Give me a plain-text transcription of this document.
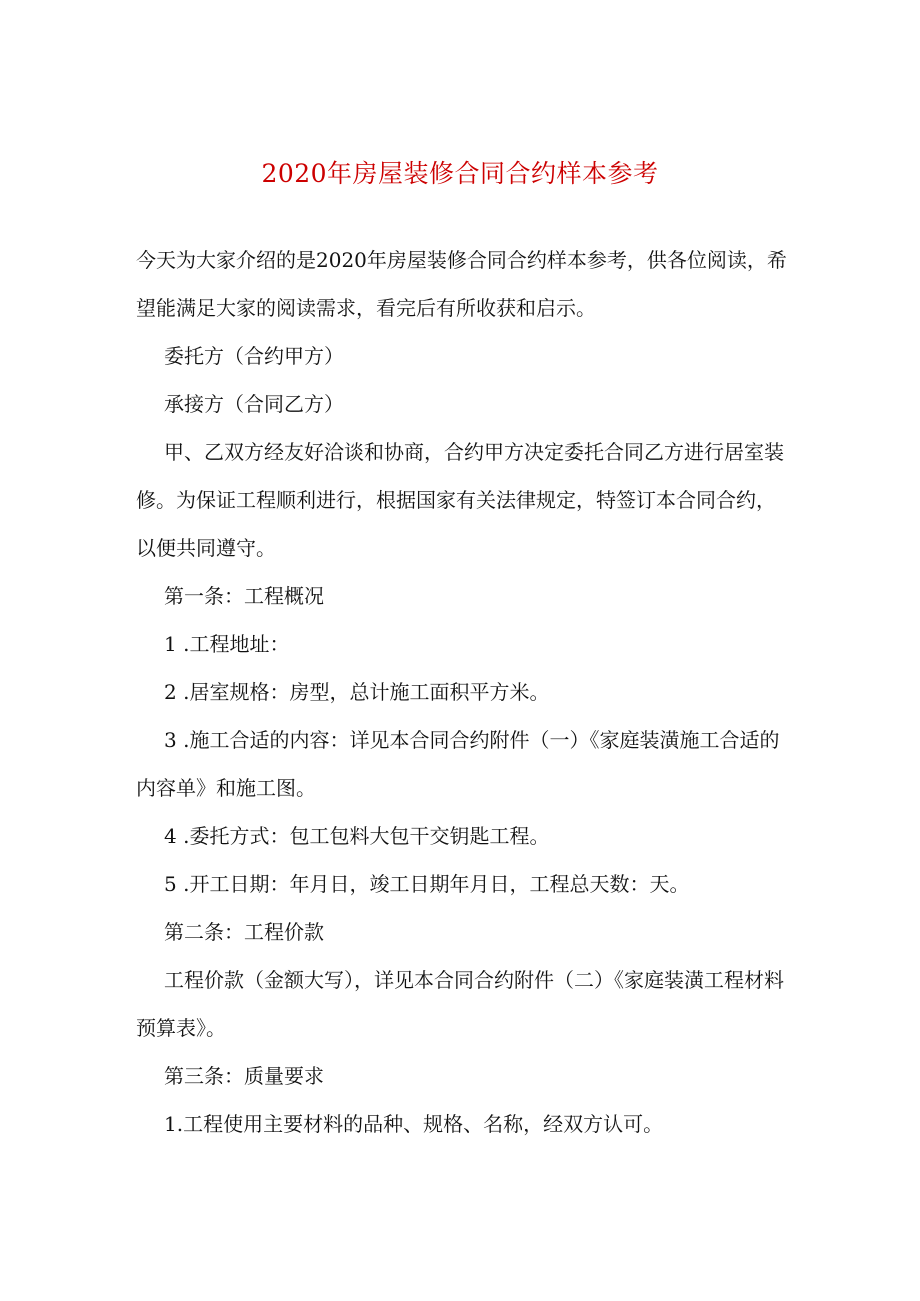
2020年房屋装修合同合约样本参考

今天为大家介绍的是2020年房屋装修合同合约样本参考，供各位阅读，希望能满足大家的阅读需求，看完后有所收获和启示。

委托方（合约甲方）

承接方（合同乙方）

甲、乙双方经友好洽谈和协商，合约甲方决定委托合同乙方进行居室装修。为保证工程顺利进行，根据国家有关法律规定，特签订本合同合约，以便共同遵守。

第一条：工程概况

1 .工程地址：

2 .居室规格：房型，总计施工面积平方米。

3 .施工合适的内容：详见本合同合约附件（一）《家庭装潢施工合适的内容单》和施工图。

4 .委托方式：包工包料大包干交钥匙工程。

5 .开工日期：年月日，竣工日期年月日，工程总天数：天。

第二条：工程价款

工程价款（金额大写），详见本合同合约附件（二）《家庭装潢工程材料预算表》。

第三条：质量要求

1.工程使用主要材料的品种、规格、名称，经双方认可。
